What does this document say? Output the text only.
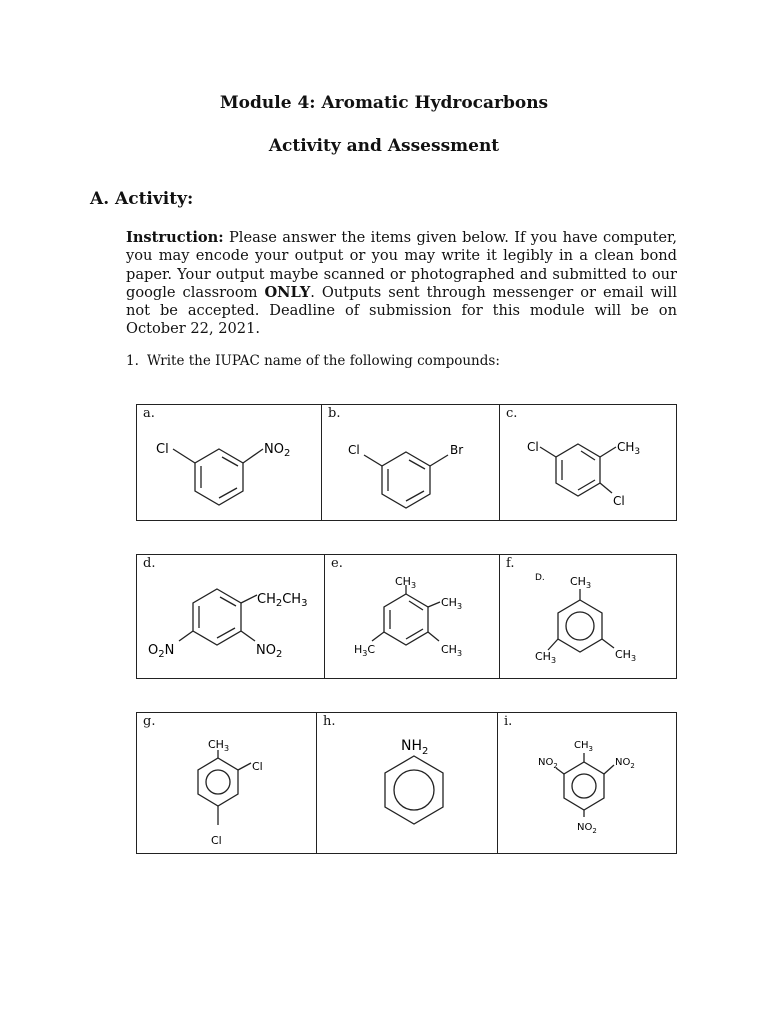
Module 4: Aromatic Hydrocarbons
Activity and Assessment
A. Activity:
Instruction: Please answer the items given below. If you have computer, you may encode your output or you may write it legibly in a clean bond paper. Your output maybe scanned or photographed and submitted to our google classroom ONLY. Outputs sent through messenger or email will not be accepted. Deadline of submission for this module will be on October 22, 2021.
1. Write the IUPAC name of the following compounds:
a.
Cl	$NO_2$
b.
Cl	Br
c.
Cl	$CH_3$
Cl
d.
$CH_2CH_3$
$O_2N$	$NO_2$
e.
$CH_3$
$CH_3$
$H_3C$	$CH_3$
f.
D. $CH_3$
$CH_3$	$CH_3$
g.
$CH_3$
Cl
Cl
h.
$NH_2$
i.
$CH_3$
$NO_2$	$NO_2$
$NO_2$
